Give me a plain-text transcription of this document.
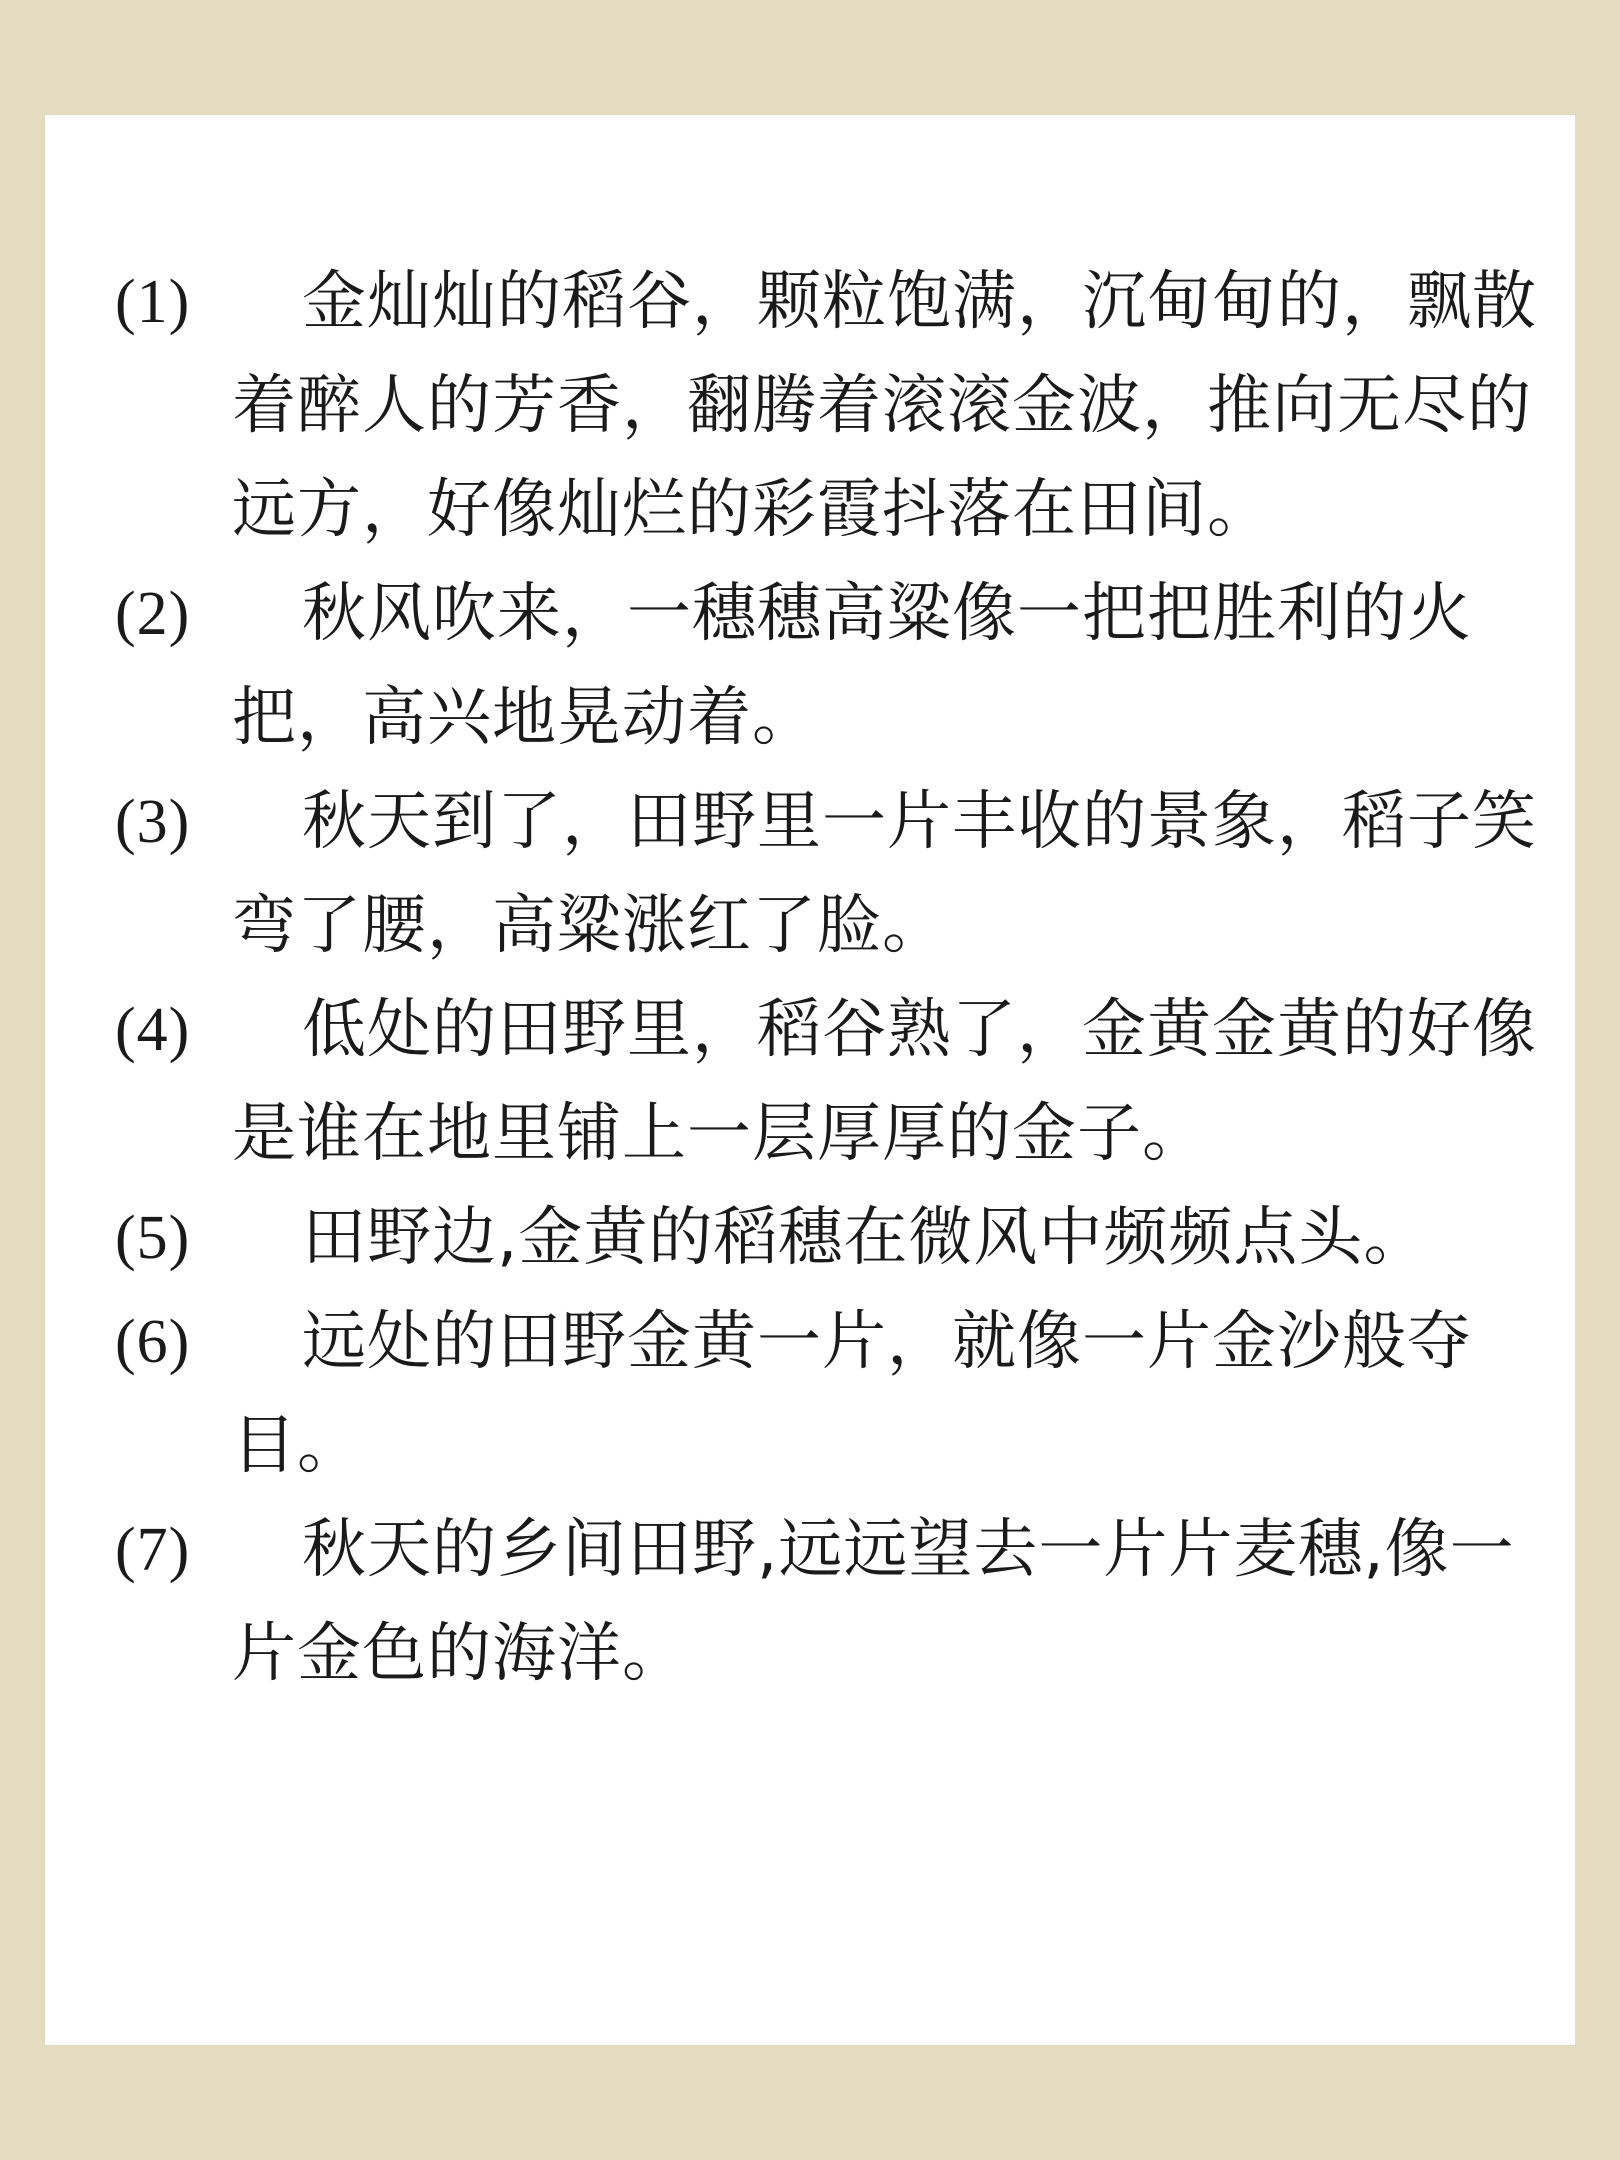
(1)	金灿灿的稻谷，颗粒饱满，沉甸甸的，飘散着醉人的芳香，翻腾着滚滚金波，推向无尽的远方，好像灿烂的彩霞抖落在田间。
(2)	秋风吹来，一穗穗高粱像一把把胜利的火把，高兴地晃动着。
(3)	秋天到了，田野里一片丰收的景象，稻子笑弯了腰，高粱涨红了脸。
(4)	低处的田野里，稻谷熟了，金黄金黄的好像是谁在地里铺上一层厚厚的金子。
(5)	田野边,金黄的稻穗在微风中频频点头。
(6)	远处的田野金黄一片，就像一片金沙般夺目。
(7)	秋天的乡间田野,远远望去一片片麦穗,像一片金色的海洋。
